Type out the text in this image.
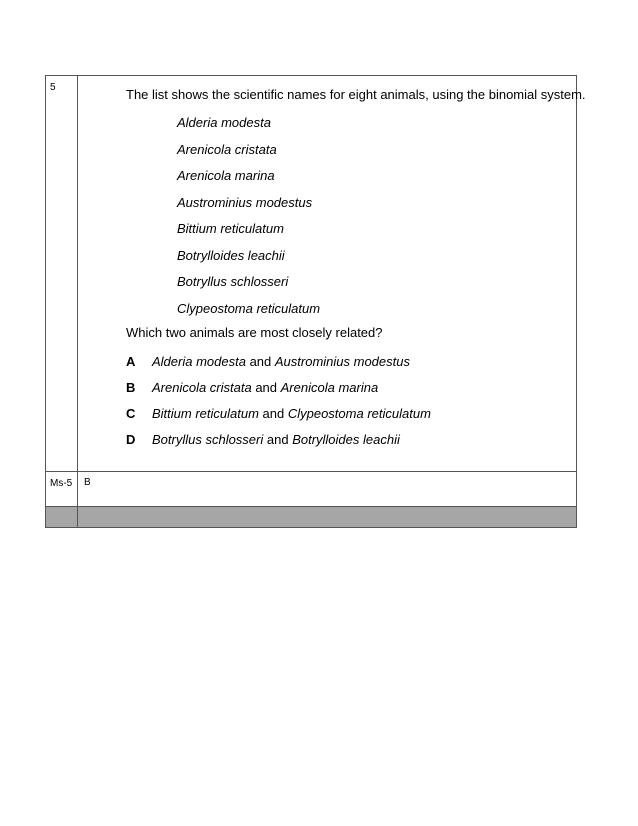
5	The list shows the scientific names for eight animals, using the binomial system.
Alderia modesta
Arenicola cristata
Arenicola marina
Austrominius modestus
Bittium reticulatum
Botrylloides leachii
Botryllus schlosseri
Clypeostoma reticulatum
Which two animals are most closely related?
A	Alderia modesta and Austrominius modestus
B	Arenicola cristata and Arenicola marina
C	Bittium reticulatum and Clypeostoma reticulatum
D	Botryllus schlosseri and Botrylloides leachii
Ms-5	B
